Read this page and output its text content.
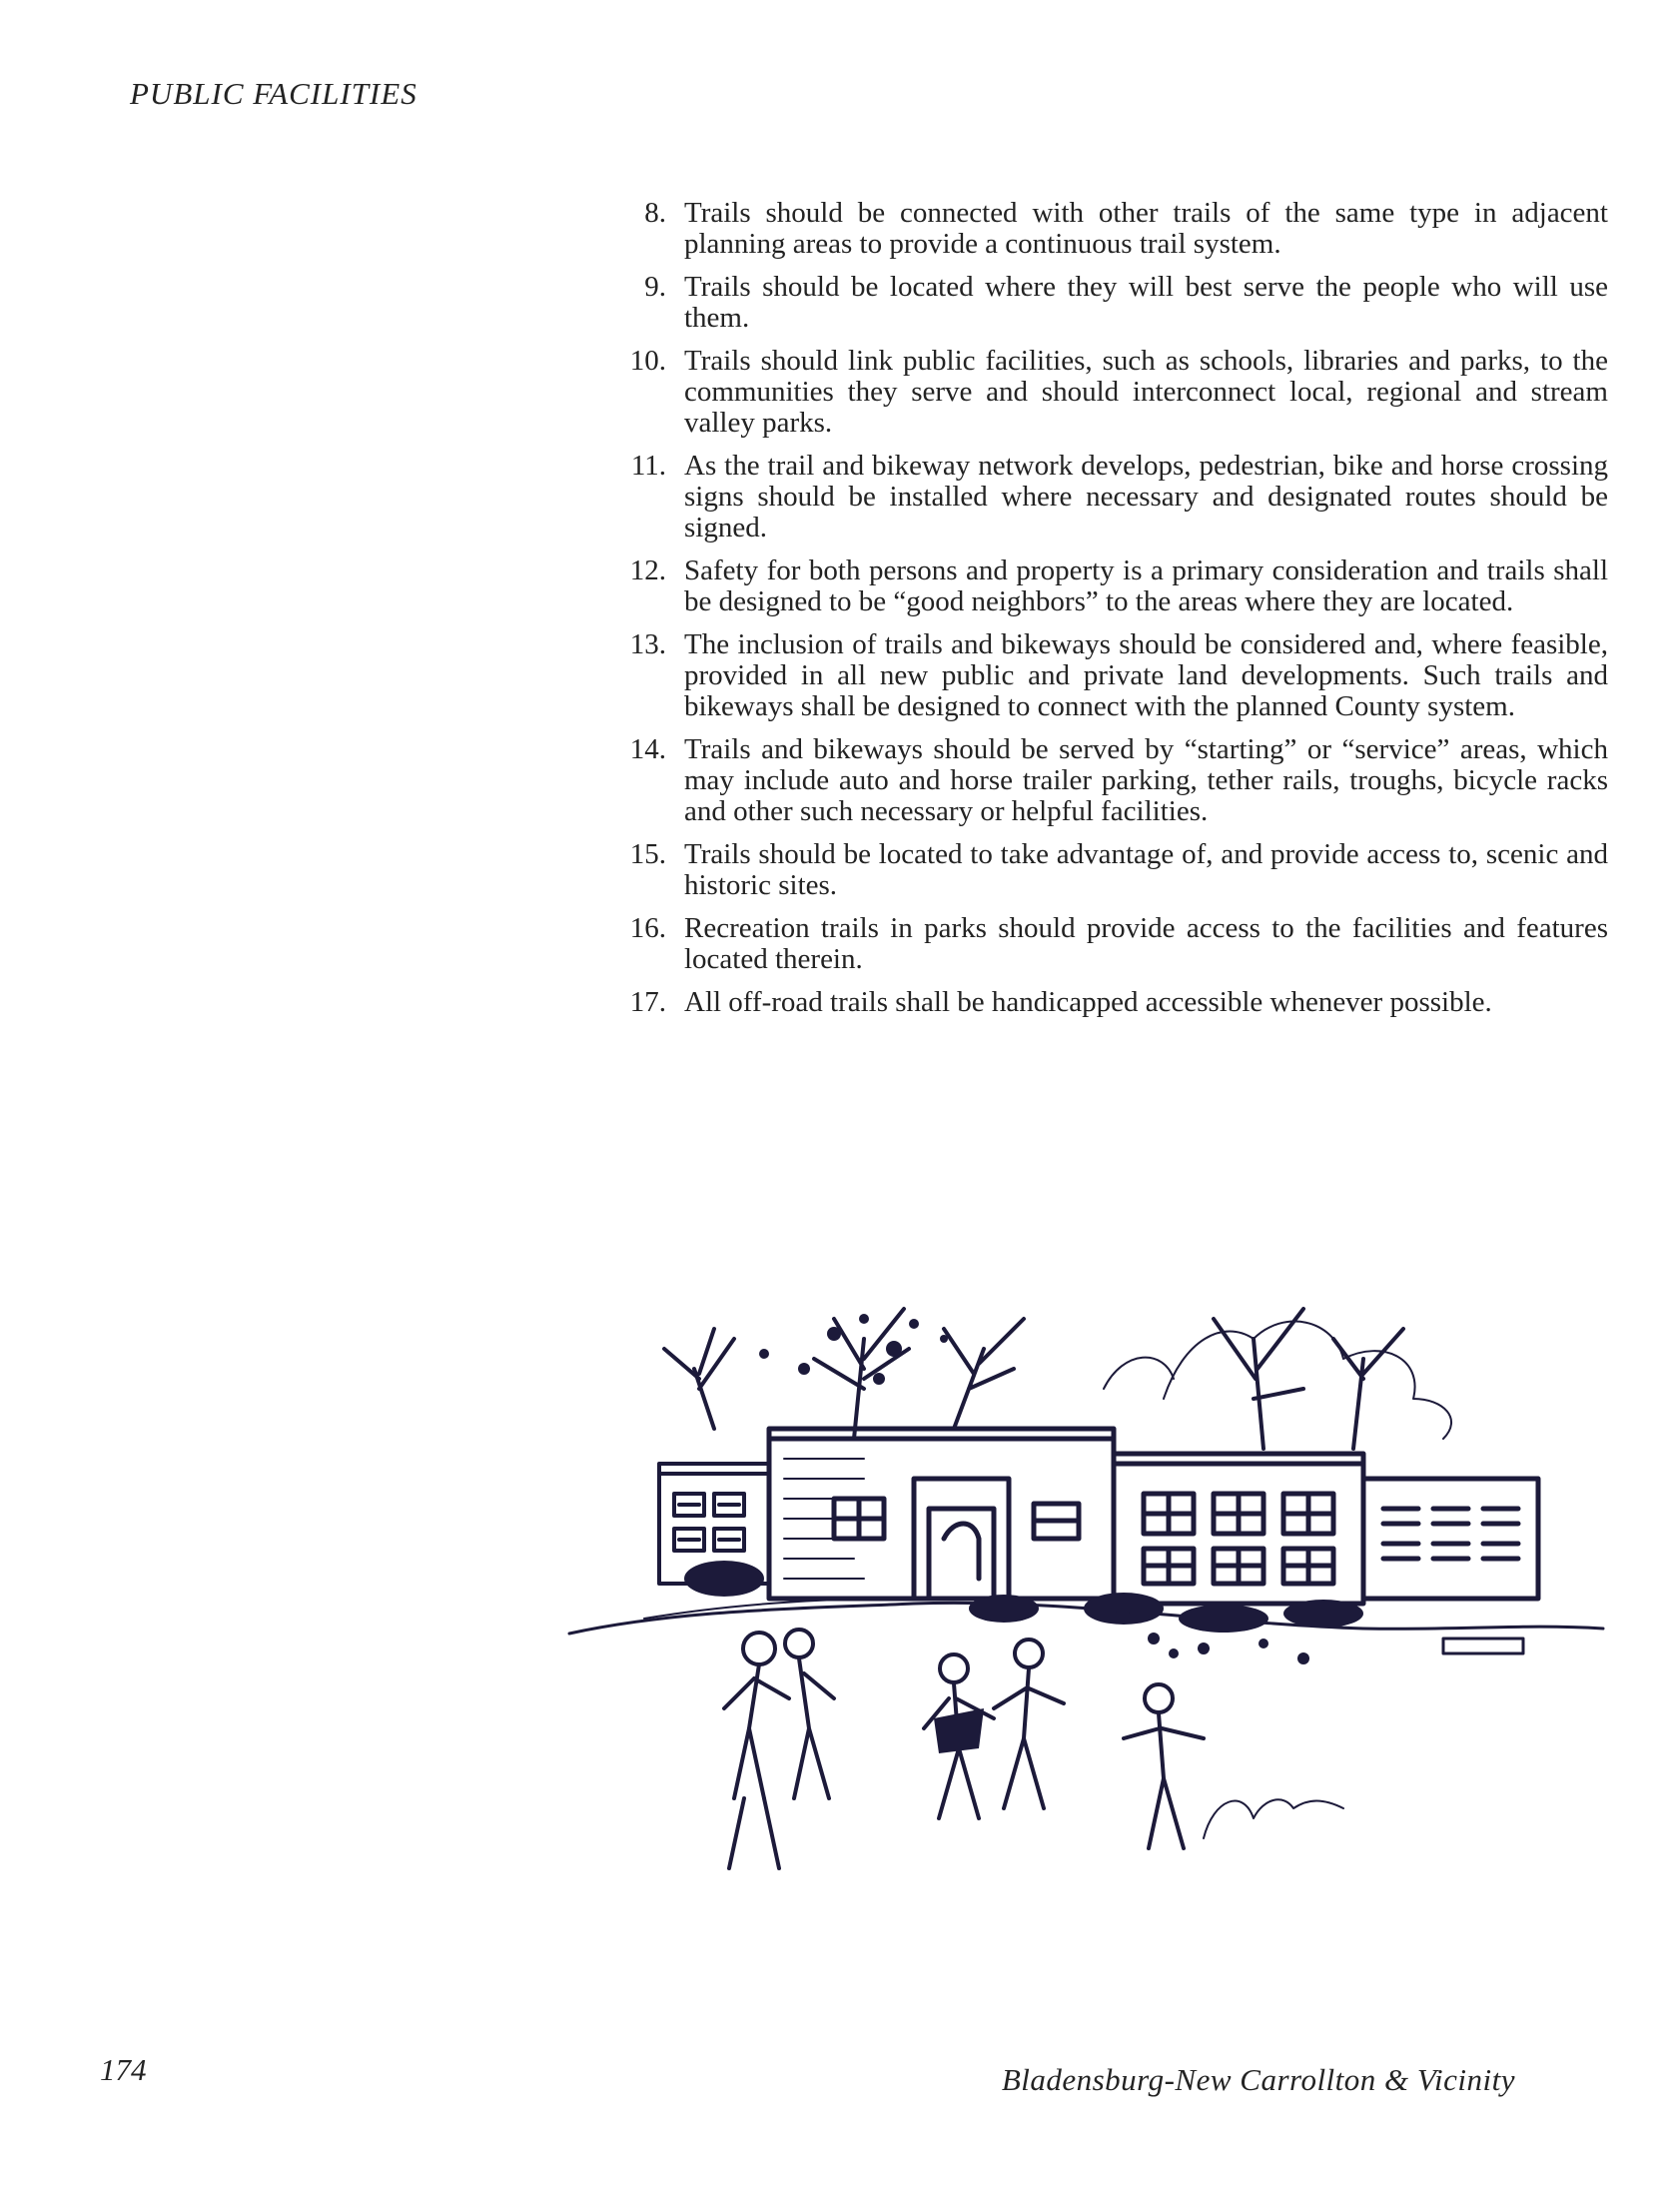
PUBLIC FACILITIES
8. Trails should be connected with other trails of the same type in adjacent planning areas to provide a continuous trail system.
9. Trails should be located where they will best serve the people who will use them.
10. Trails should link public facilities, such as schools, libraries and parks, to the communities they serve and should interconnect local, regional and stream valley parks.
11. As the trail and bikeway network develops, pedestrian, bike and horse crossing signs should be installed where necessary and designated routes should be signed.
12. Safety for both persons and property is a primary consideration and trails shall be designed to be “good neighbors” to the areas where they are located.
13. The inclusion of trails and bikeways should be considered and, where feasible, provided in all new public and private land developments. Such trails and bikeways shall be designed to connect with the planned County system.
14. Trails and bikeways should be served by “starting” or “service” areas, which may include auto and horse trailer parking, tether rails, troughs, bicycle racks and other such necessary or helpful facilities.
15. Trails should be located to take advantage of, and provide access to, scenic and historic sites.
16. Recreation trails in parks should provide access to the facilities and features located therein.
17. All off-road trails shall be handicapped accessible whenever possible.
174	Bladensburg-New Carrollton & Vicinity
